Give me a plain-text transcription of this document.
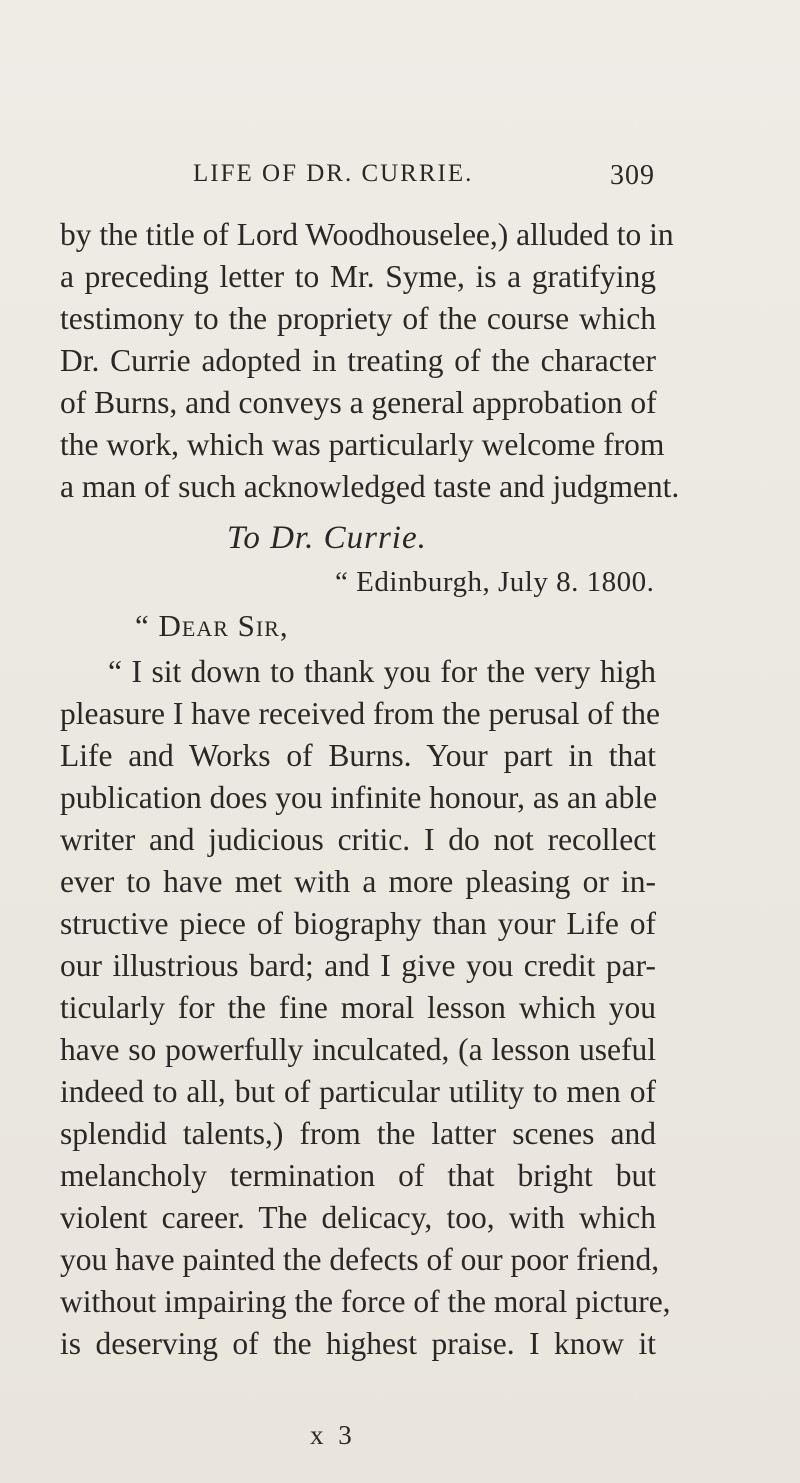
LIFE OF DR. CURRIE.	309
by the title of Lord Woodhouselee,) alluded to in
a preceding letter to Mr. Syme, is a gratifying
testimony to the propriety of the course which
Dr. Currie adopted in treating of the character
of Burns, and conveys a general approbation of
the work, which was particularly welcome from
a man of such acknowledged taste and judgment.
To Dr. Currie.
“ Edinburgh, July 8. 1800.
“ Dear Sir,
“ I sit down to thank you for the very high
pleasure I have received from the perusal of the
Life and Works of Burns. Your part in that
publication does you infinite honour, as an able
writer and judicious critic. I do not recollect
ever to have met with a more pleasing or in-
structive piece of biography than your Life of
our illustrious bard; and I give you credit par-
ticularly for the fine moral lesson which you
have so powerfully inculcated, (a lesson useful
indeed to all, but of particular utility to men of
splendid talents,) from the latter scenes and
melancholy termination of that bright but
violent career. The delicacy, too, with which
you have painted the defects of our poor friend,
without impairing the force of the moral picture,
is deserving of the highest praise. I know it
x 3
